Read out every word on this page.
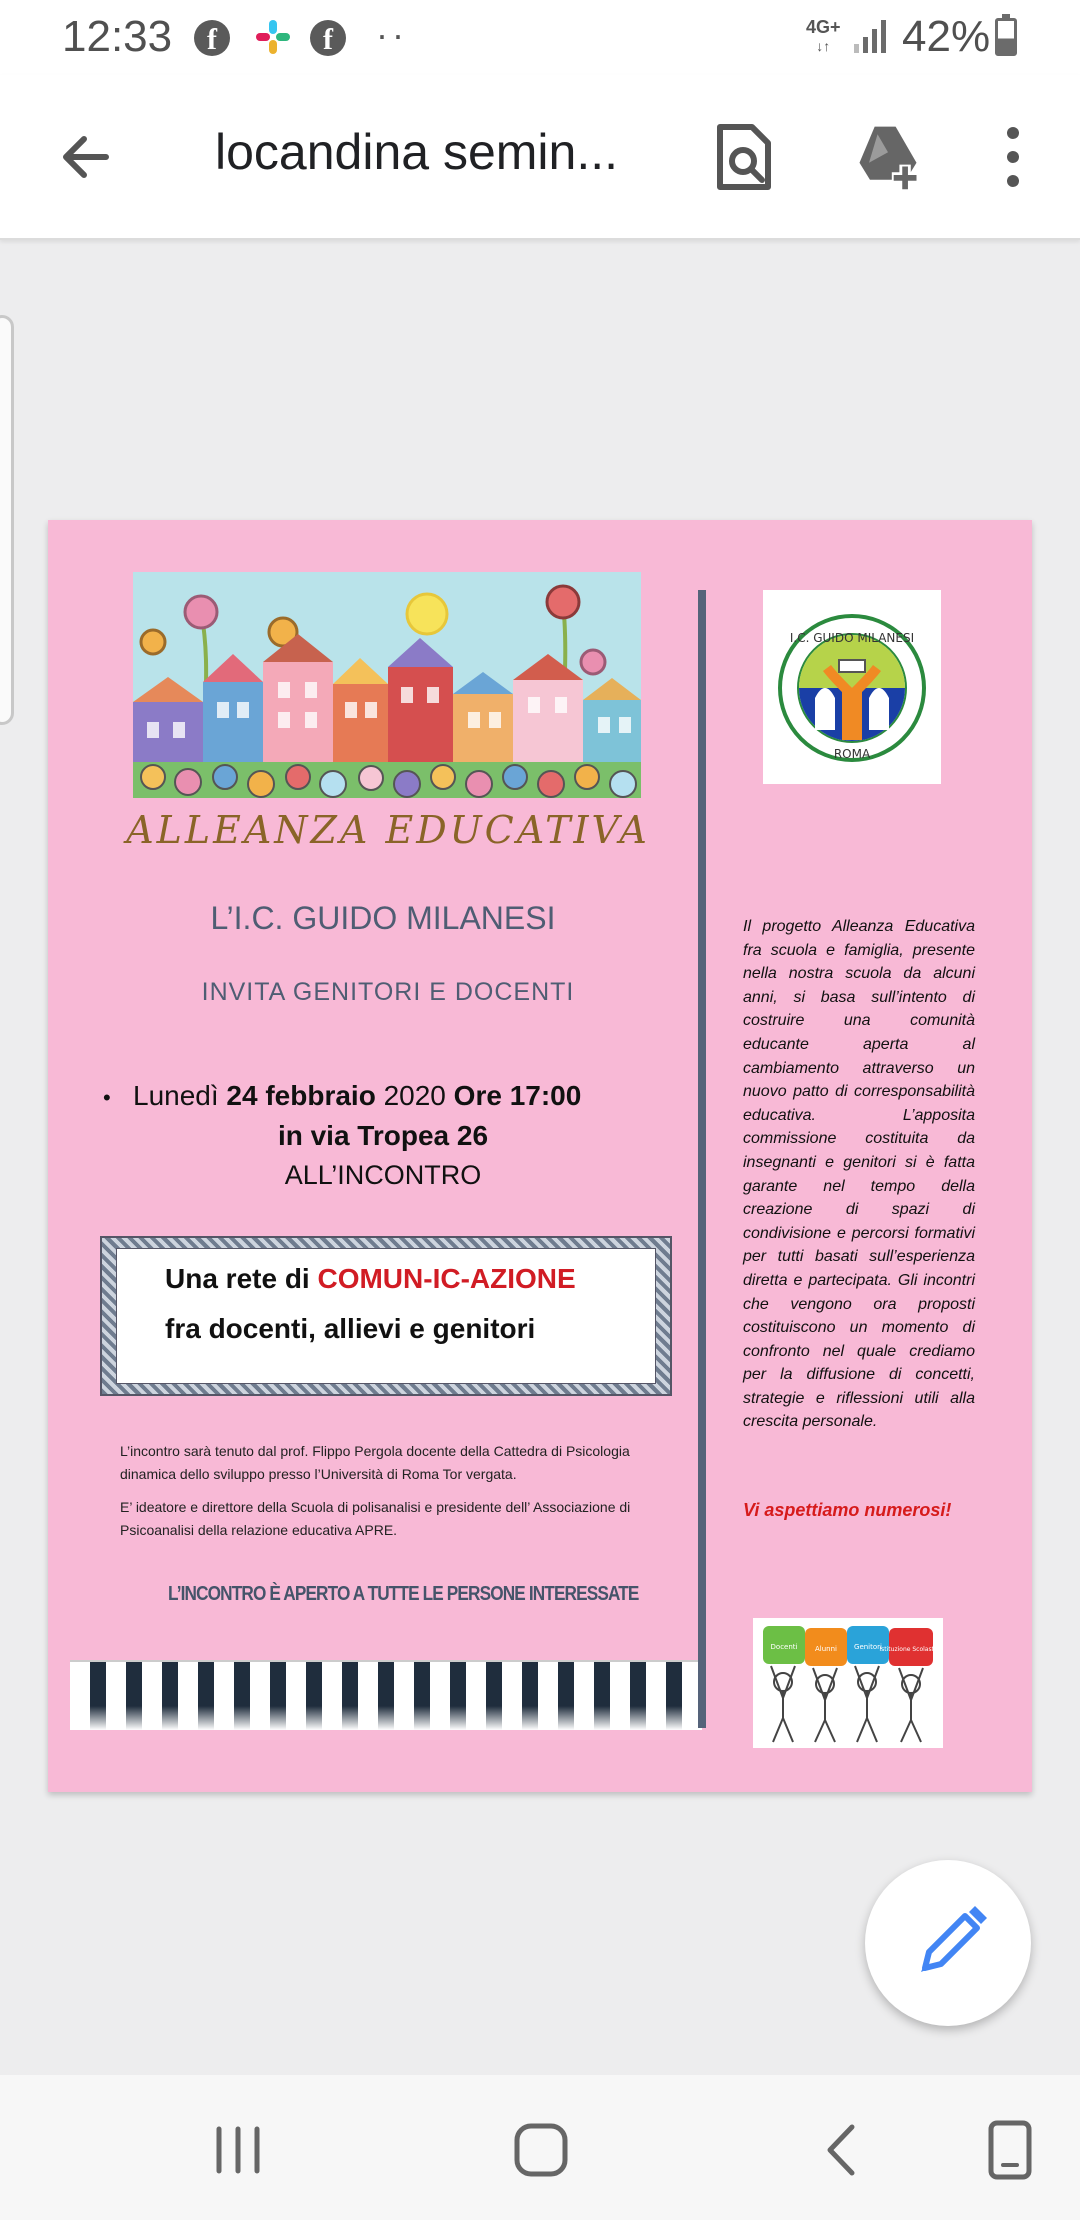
12:33	f	f	··	4G+
↓↑ 42%
locandina semin...
ALLEANZA EDUCATIVA
L’I.C. GUIDO MILANESI
INVITA GENITORI E DOCENTI
• Lunedì 24 febbraio 2020 Ore 17:00
in via Tropea 26
ALL’INCONTRO
Una rete di COMUN-IC-AZIONE
fra docenti, allievi e genitori
L’incontro sarà tenuto dal prof. Flippo Pergola docente della Cattedra di Psicologia dinamica dello sviluppo presso l’Università di Roma Tor vergata.
E’ ideatore e direttore della Scuola di polisanalisi e presidente dell’ Associazione di Psicoanalisi della relazione educativa APRE.
L’INCONTRO È APERTO A TUTTE LE PERSONE INTERESSATE
I.C. GUIDO MILANESI
ROMA
Il progetto Alleanza Educativa fra scuola e famiglia, presente nella nostra scuola da alcuni anni, si basa sull’intento di costruire una comunità educante aperta al cambiamento attraverso un nuovo patto di corresponsabilità educativa. L’apposita commissione costituita da insegnanti e genitori si è fatta garante nel tempo della creazione di spazi di condivisione e percorsi formativi per tutti basati sull’esperienza diretta e partecipata. Gli incontri che vengono ora proposti costituiscono un momento di confronto nel quale crediamo per la diffusione di concetti, strategie e riflessioni utili alla crescita personale.
Vi aspettiamo numerosi!
Docenti	Alunni Genitori
Istituzione Scolastica
